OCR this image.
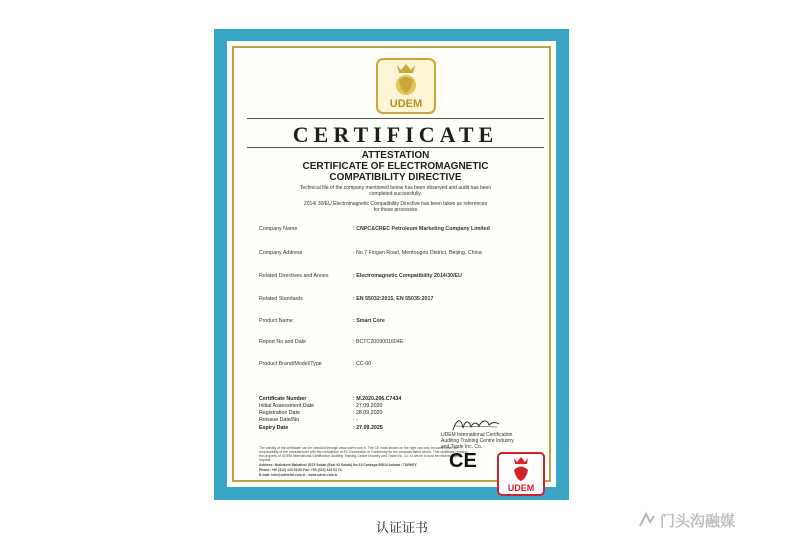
UDEM
CERTIFICATE
ATTESTATION
CERTIFICATE OF ELECTROMAGNETIC
COMPATIBILITY DIRECTIVE
Technical file of the company mentioned below has been observed and audit has been
completed successfully.
2014/ 30/EU Electromagnetic Compatibility Directive has been taken as references
for these processes
Company Name	: CNPC&CREC Petroleum Marketing Company Limited
Company Address	: No.7 Fingan Road, Mentougou District, Beijing, China
Related Directives and Annex	: Electromagnetic Compatibility 2014/30/EU
Related Standards	: EN 55032:2015, EN 55035:2017
Product Name	: Smart Core
Report No and Date	: BCTC2009001604E
Product Brand/Model/Type	: CC-00
Certificate Number	: M.2020.206.C7434
Initial Assessment Date	: 27.09.2020
Registration Date	: 28.09.2020
Reissue Date/No	: -
Expiry Date	: 27.09.2025
The validity of the certificate can be checked through www.udem.com.tr. The CE mark shown on the right can only be used under the responsibility of the manufacturer with the completion of EC Declaration of Conformity for the products listed above. This certificate remains the property of UDEM International Certification Auditing Training Centre Industry and Trade Inc. Co. to whom it must be returned upon request.
Address: Mutlukent Mahallesi 2073 Sokak (Eski 93 Sokak) No:10 Cankaya 06810 Ankara / TURKEY
Phone: +90 (312) 443 03 90 Fax: +90 (312) 443 03 74
E-mail: info@udemltd.com.tr - www.udem.com.tr
UDEM International Certification
Auditing Training Centre Industry
and Trade Inc. Co.
CE
UDEM
认证证书	门头沟融媒
